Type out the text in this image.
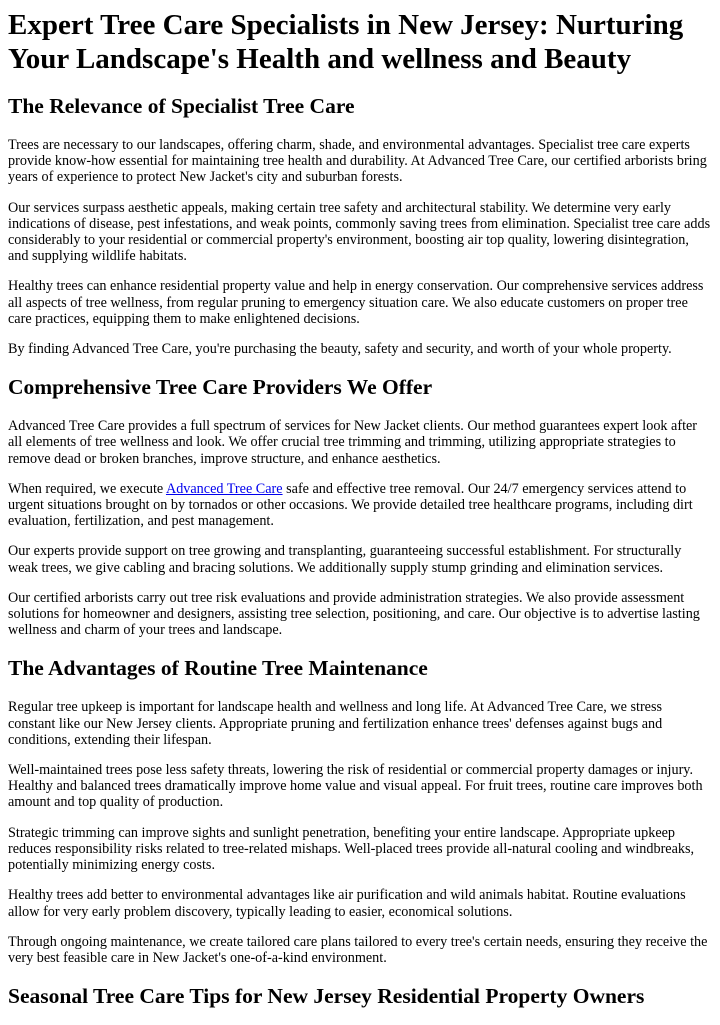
Expert Tree Care Specialists in New Jersey: Nurturing Your Landscape's Health and wellness and Beauty
The Relevance of Specialist Tree Care

Trees are necessary to our landscapes, offering charm, shade, and environmental advantages. Specialist tree care experts provide know-how essential for maintaining tree health and durability. At Advanced Tree Care, our certified arborists bring years of experience to protect New Jacket's city and suburban forests.

Our services surpass aesthetic appeals, making certain tree safety and architectural stability. We determine very early indications of disease, pest infestations, and weak points, commonly saving trees from elimination. Specialist tree care adds considerably to your residential or commercial property's environment, boosting air top quality, lowering disintegration, and supplying wildlife habitats.

Healthy trees can enhance residential property value and help in energy conservation. Our comprehensive services address all aspects of tree wellness, from regular pruning to emergency situation care. We also educate customers on proper tree care practices, equipping them to make enlightened decisions.

By finding Advanced Tree Care, you're purchasing the beauty, safety and security, and worth of your whole property.

Comprehensive Tree Care Providers We Offer

Advanced Tree Care provides a full spectrum of services for New Jacket clients. Our method guarantees expert look after all elements of tree wellness and look. We offer crucial tree trimming and trimming, utilizing appropriate strategies to remove dead or broken branches, improve structure, and enhance aesthetics.

When required, we execute Advanced Tree Care safe and effective tree removal. Our 24/7 emergency services attend to urgent situations brought on by tornados or other occasions. We provide detailed tree healthcare programs, including dirt evaluation, fertilization, and pest management.

Our experts provide support on tree growing and transplanting, guaranteeing successful establishment. For structurally weak trees, we give cabling and bracing solutions. We additionally supply stump grinding and elimination services.

Our certified arborists carry out tree risk evaluations and provide administration strategies. We also provide assessment solutions for homeowner and designers, assisting tree selection, positioning, and care. Our objective is to advertise lasting wellness and charm of your trees and landscape.

The Advantages of Routine Tree Maintenance

Regular tree upkeep is important for landscape health and wellness and long life. At Advanced Tree Care, we stress constant like our New Jersey clients. Appropriate pruning and fertilization enhance trees' defenses against bugs and conditions, extending their lifespan.

Well-maintained trees pose less safety threats, lowering the risk of residential or commercial property damages or injury. Healthy and balanced trees dramatically improve home value and visual appeal. For fruit trees, routine care improves both amount and top quality of production.

Strategic trimming can improve sights and sunlight penetration, benefiting your entire landscape. Appropriate upkeep reduces responsibility risks related to tree-related mishaps. Well-placed trees provide all-natural cooling and windbreaks, potentially minimizing energy costs.

Healthy trees add better to environmental advantages like air purification and wild animals habitat. Routine evaluations allow for very early problem discovery, typically leading to easier, economical solutions.

Through ongoing maintenance, we create tailored care plans tailored to every tree's certain needs, ensuring they receive the very best feasible care in New Jacket's one-of-a-kind environment.

Seasonal Tree Care Tips for New Jersey Residential Property Owners
